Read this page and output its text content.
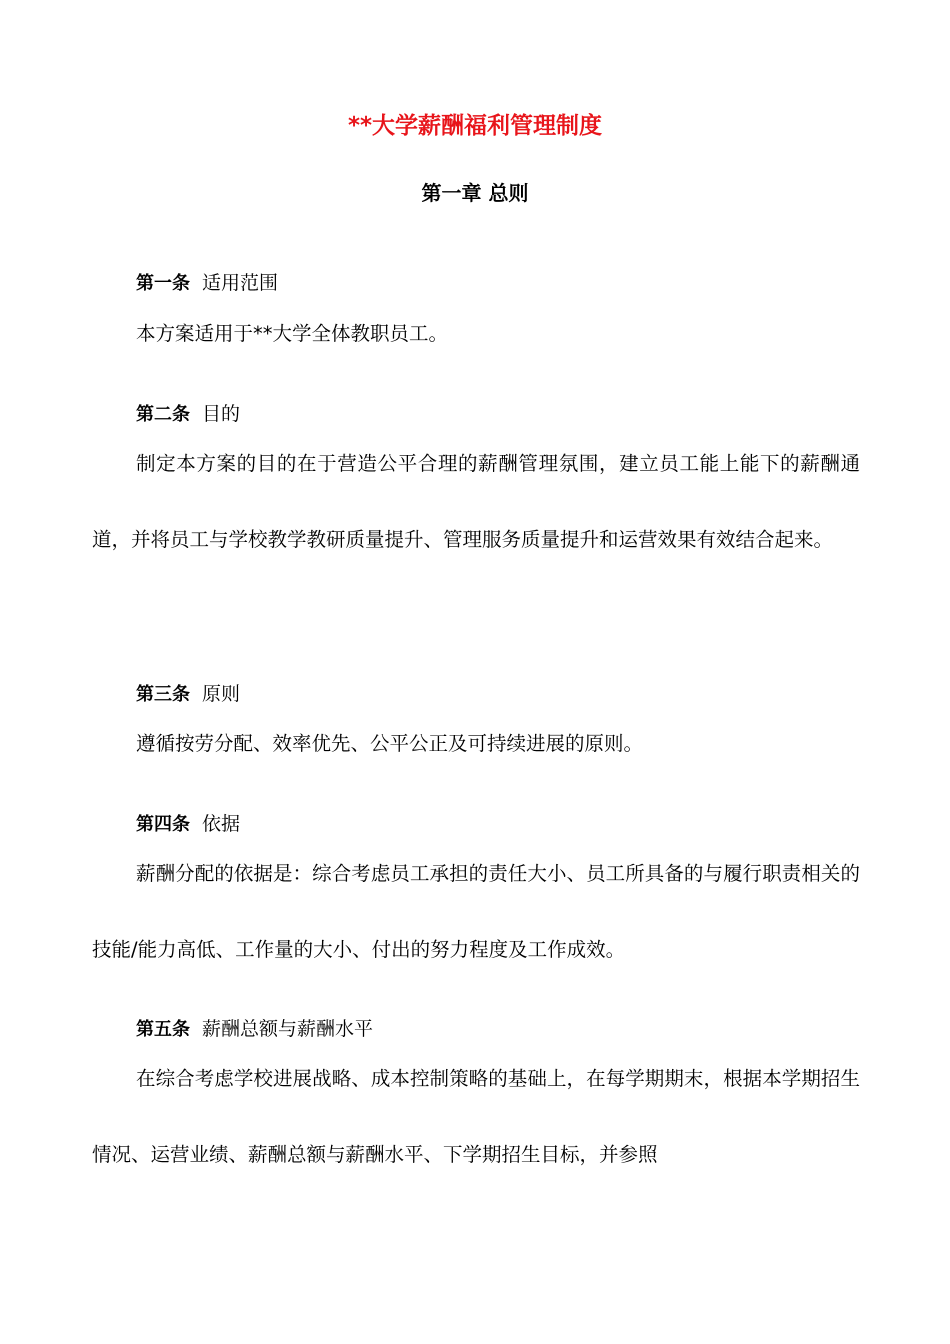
**大学薪酬福利管理制度
第一章 总则
第一条 适用范围

本方案适用于**大学全体教职员工。

第二条 目的

制定本方案的目的在于营造公平合理的薪酬管理氛围，建立员工能上能下的薪酬通道，并将员工与学校教学教研质量提升、管理服务质量提升和运营效果有效结合起来。

第三条 原则

遵循按劳分配、效率优先、公平公正及可持续进展的原则。

第四条 依据

薪酬分配的依据是：综合考虑员工承担的责任大小、员工所具备的与履行职责相关的技能/能力高低、工作量的大小、付出的努力程度及工作成效。

第五条 薪酬总额与薪酬水平

在综合考虑学校进展战略、成本控制策略的基础上，在每学期期末，根据本学期招生情况、运营业绩、薪酬总额与薪酬水平、下学期招生目标，并参照
